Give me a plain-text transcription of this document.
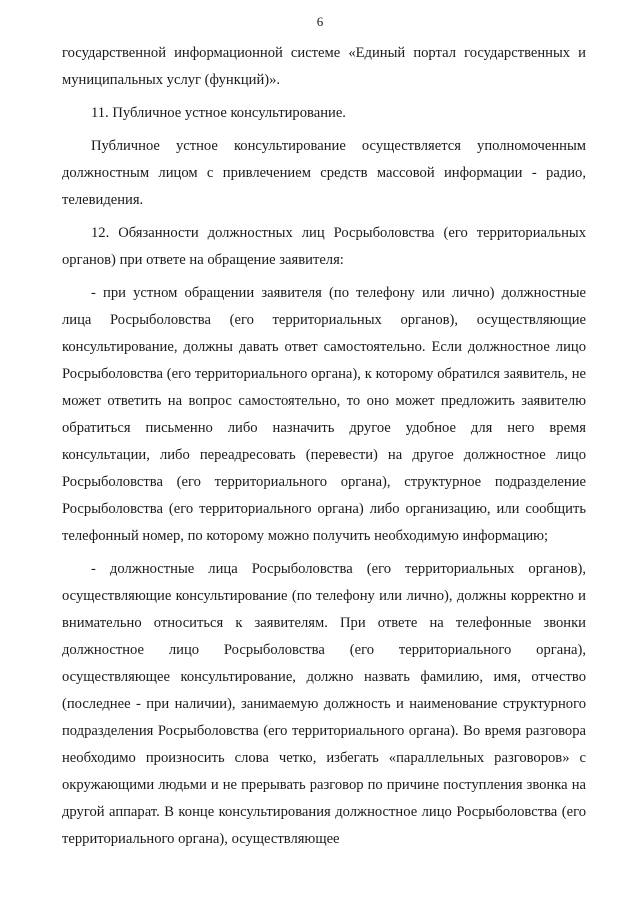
6

государственной информационной системе «Единый портал государственных и муниципальных услуг (функций)».

11. Публичное устное консультирование.

Публичное устное консультирование осуществляется уполномоченным должностным лицом с привлечением средств массовой информации - радио, телевидения.

12. Обязанности должностных лиц Росрыболовства (его территориальных органов) при ответе на обращение заявителя:

- при устном обращении заявителя (по телефону или лично) должностные лица Росрыболовства (его территориальных органов), осуществляющие консультирование, должны давать ответ самостоятельно. Если должностное лицо Росрыболовства (его территориального органа), к которому обратился заявитель, не может ответить на вопрос самостоятельно, то оно может предложить заявителю обратиться письменно либо назначить другое удобное для него время консультации, либо переадресовать (перевести) на другое должностное лицо Росрыболовства (его территориального органа), структурное подразделение Росрыболовства (его территориального органа) либо организацию, или сообщить телефонный номер, по которому можно получить необходимую информацию;

- должностные лица Росрыболовства (его территориальных органов), осуществляющие консультирование (по телефону или лично), должны корректно и внимательно относиться к заявителям. При ответе на телефонные звонки должностное лицо Росрыболовства (его территориального органа), осуществляющее консультирование, должно назвать фамилию, имя, отчество (последнее - при наличии), занимаемую должность и наименование структурного подразделения Росрыболовства (его территориального органа). Во время разговора необходимо произносить слова четко, избегать «параллельных разговоров» с окружающими людьми и не прерывать разговор по причине поступления звонка на другой аппарат. В конце консультирования должностное лицо Росрыболовства (его территориального органа), осуществляющее
